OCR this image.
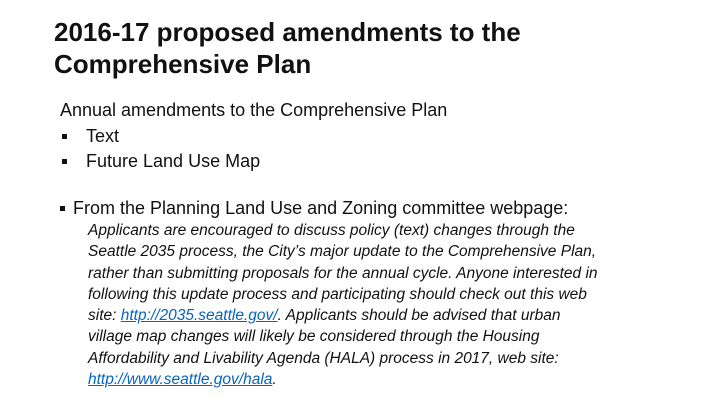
2016-17 proposed amendments to the Comprehensive Plan
Annual amendments to the Comprehensive Plan
Text
Future Land Use Map
From the Planning Land Use and Zoning committee webpage:
Applicants are encouraged to discuss policy (text) changes through the Seattle 2035 process, the City’s major update to the Comprehensive Plan, rather than submitting proposals for the annual cycle. Anyone interested in following this update process and participating should check out this web site: http://2035.seattle.gov/. Applicants should be advised that urban village map changes will likely be considered through the Housing Affordability and Livability Agenda (HALA) process in 2017, web site: http://www.seattle.gov/hala.
